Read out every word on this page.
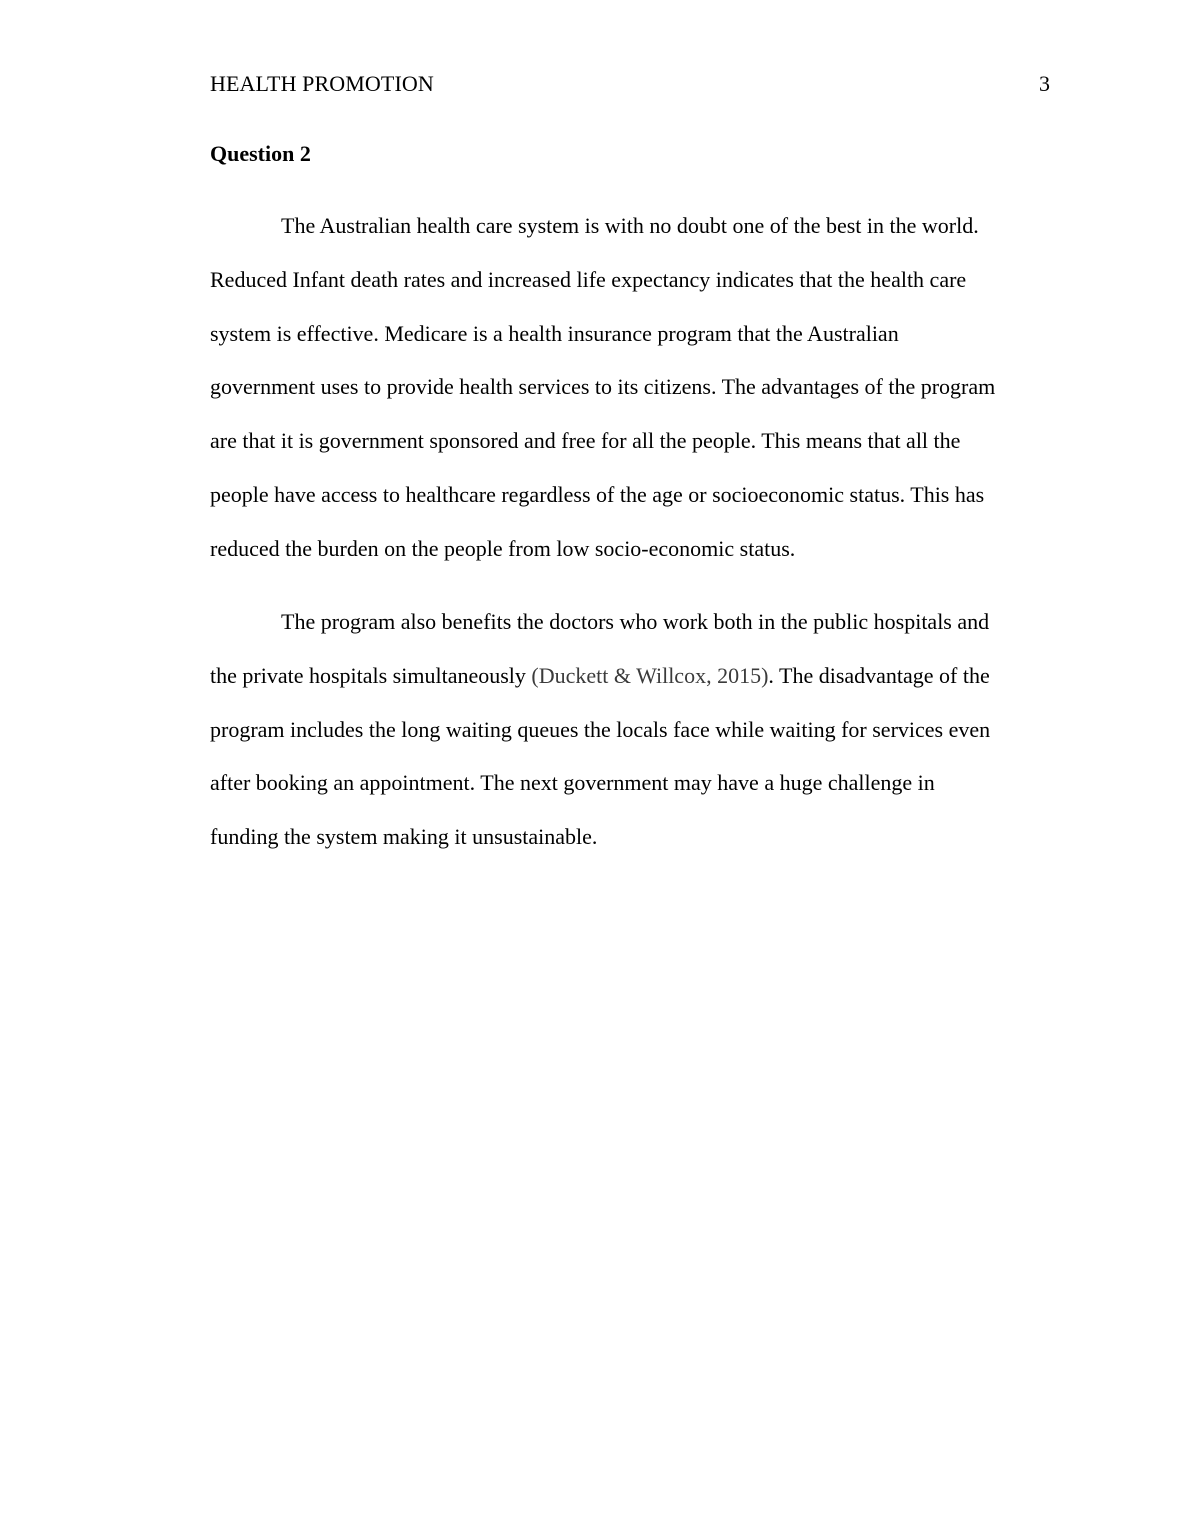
HEALTH PROMOTION	3
Question 2
The Australian health care system is with no doubt one of the best in the world.
Reduced Infant death rates and increased life expectancy indicates that the health care
system is effective. Medicare is a health insurance program that the Australian
government uses to provide health services to its citizens. The advantages of the program
are that it is government sponsored and free for all the people. This means that all the
people have access to healthcare regardless of the age or socioeconomic status. This has
reduced the burden on the people from low socio-economic status.
The program also benefits the doctors who work both in the public hospitals and
the private hospitals simultaneously (Duckett & Willcox, 2015). The disadvantage of the
program includes the long waiting queues the locals face while waiting for services even
after booking an appointment. The next government may have a huge challenge in
funding the system making it unsustainable.
